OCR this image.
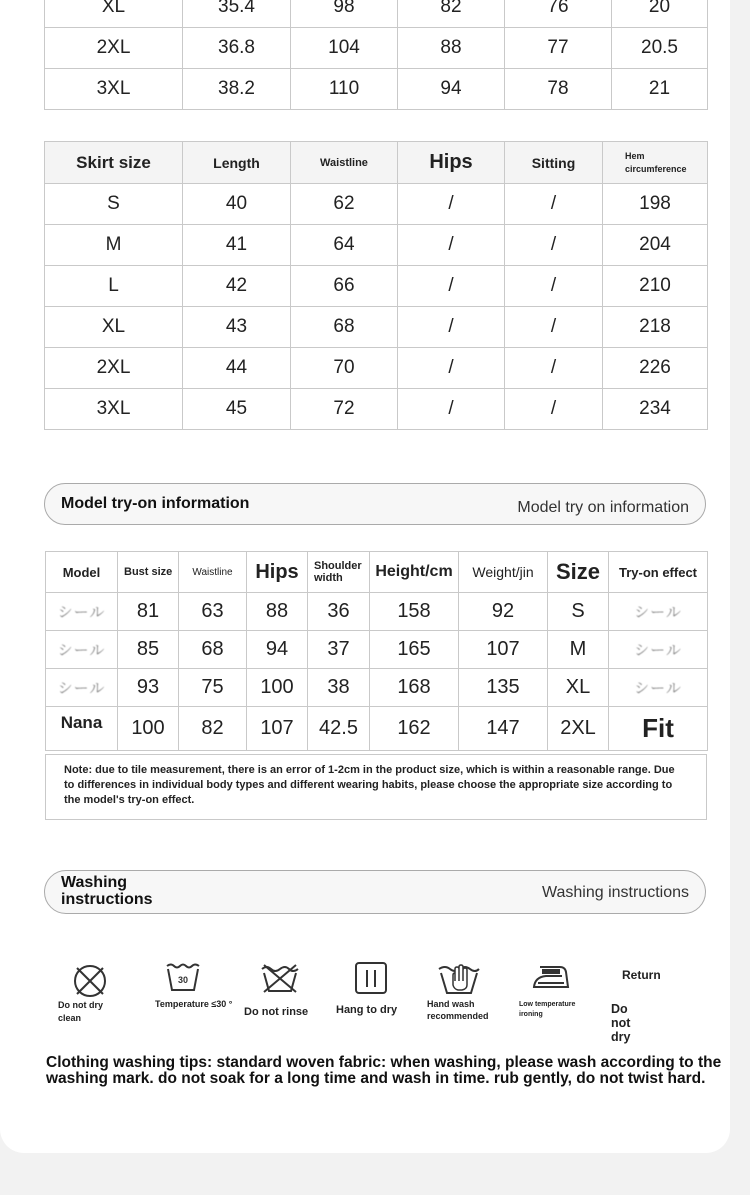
XL	35.4	98	82	76	20
2XL	36.8	104	88	77	20.5
3XL	38.2	110	94	78	21
Skirt size	Length	Waistline	Hips	Sitting	Hem circumference
S	40	62	/	/	198
M	41	64	/	/	204
L	42	66	/	/	210
XL	43	68	/	/	218
2XL	44	70	/	/	226
3XL	45	72	/	/	234
Model try-on information	Model try on information
Model	Bust size	Waistline	Hips	Shoulder width	Height/cm	Weight/jin	Size	Try-on effect
シール	81	63	88	36	158	92	S	シール
シール	85	68	94	37	165	107	M	シール
シール	93	75	100	38	168	135	XL	シール
Nana	100	82	107	42.5	162	147	2XL	Fit
Note: due to tile measurement, there is an error of 1-2cm in the product size, which is within a reasonable range. Due to differences in individual body types and different wearing habits, please choose the appropriate size according to the model's try-on effect.
Washing instructions	Washing instructions
Do not dry clean
30
Temperature ≤30 °
Do not rinse	Hang to dry	Hand wash recommended
Low temperature ironing
Return
Do not dry
Clothing washing tips: standard woven fabric: when washing, please wash according to the washing mark. do not soak for a long time and wash in time. rub gently, do not twist hard.
